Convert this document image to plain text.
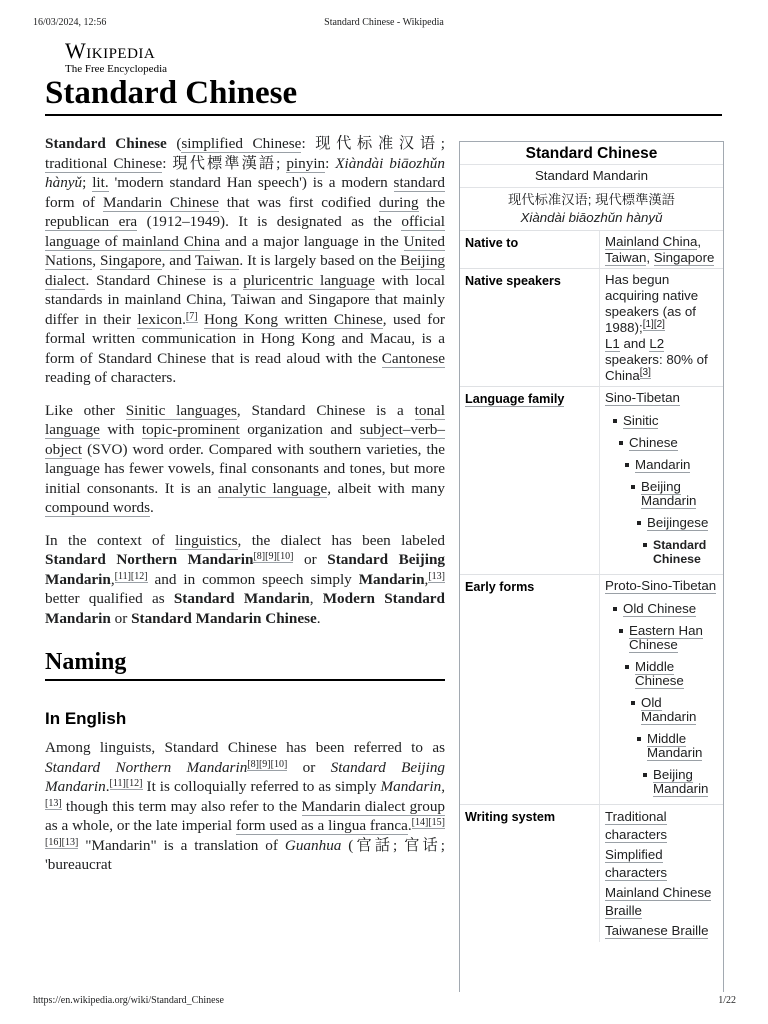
16/03/2024, 12:56	Standard Chinese - Wikipedia
Wikipedia
The Free Encyclopedia
Standard Chinese

Standard Chinese (simplified Chinese: 现代标准汉语; traditional Chinese: 現代標準漢語; pinyin: Xiàndài biāozhǔn hànyǔ; lit. 'modern standard Han speech') is a modern standard form of Mandarin Chinese that was first codified during the republican era (1912–1949). It is designated as the official language of mainland China and a major language in the United Nations, Singapore, and Taiwan. It is largely based on the Beijing dialect. Standard Chinese is a pluricentric language with local standards in mainland China, Taiwan and Singapore that mainly differ in their lexicon.[7] Hong Kong written Chinese, used for formal written communication in Hong Kong and Macau, is a form of Standard Chinese that is read aloud with the Cantonese reading of characters.

Like other Sinitic languages, Standard Chinese is a tonal language with topic-prominent organization and subject–verb–object (SVO) word order. Compared with southern varieties, the language has fewer vowels, final consonants and tones, but more initial consonants. It is an analytic language, albeit with many compound words.

In the context of linguistics, the dialect has been labeled Standard Northern Mandarin[8][9][10] or Standard Beijing Mandarin,[11][12] and in common speech simply Mandarin,[13] better qualified as Standard Mandarin, Modern Standard Mandarin or Standard Mandarin Chinese.

Naming
In English

Among linguists, Standard Chinese has been referred to as Standard Northern Mandarin[8][9][10] or Standard Beijing Mandarin.[11][12] It is colloquially referred to as simply Mandarin,[13] though this term may also refer to the Mandarin dialect group as a whole, or the late imperial form used as a lingua franca.[14][15][16][13] "Mandarin" is a translation of Guanhua (官話; 官话; 'bureaucrat

Standard Chinese
Standard Mandarin
现代标准汉语; 現代標準漢語
Xiàndài biāozhǔn hànyǔ
Native to	Mainland China,
Taiwan, Singapore
Native speakers	Has begun acquiring native speakers (as of 1988);[1][2]
L1 and L2 speakers: 80% of China[3]
Language family	Sino-Tibetan
Sinitic
Chinese
Mandarin
Beijing Mandarin
Beijingese
Standard Chinese
Early forms	Proto-Sino-Tibetan
Old Chinese
Eastern Han Chinese
Middle Chinese
Old Mandarin
Middle Mandarin
Beijing Mandarin
Writing system	Traditional characters
Simplified characters
Mainland Chinese Braille
Taiwanese Braille
https://en.wikipedia.org/wiki/Standard_Chinese	1/22
